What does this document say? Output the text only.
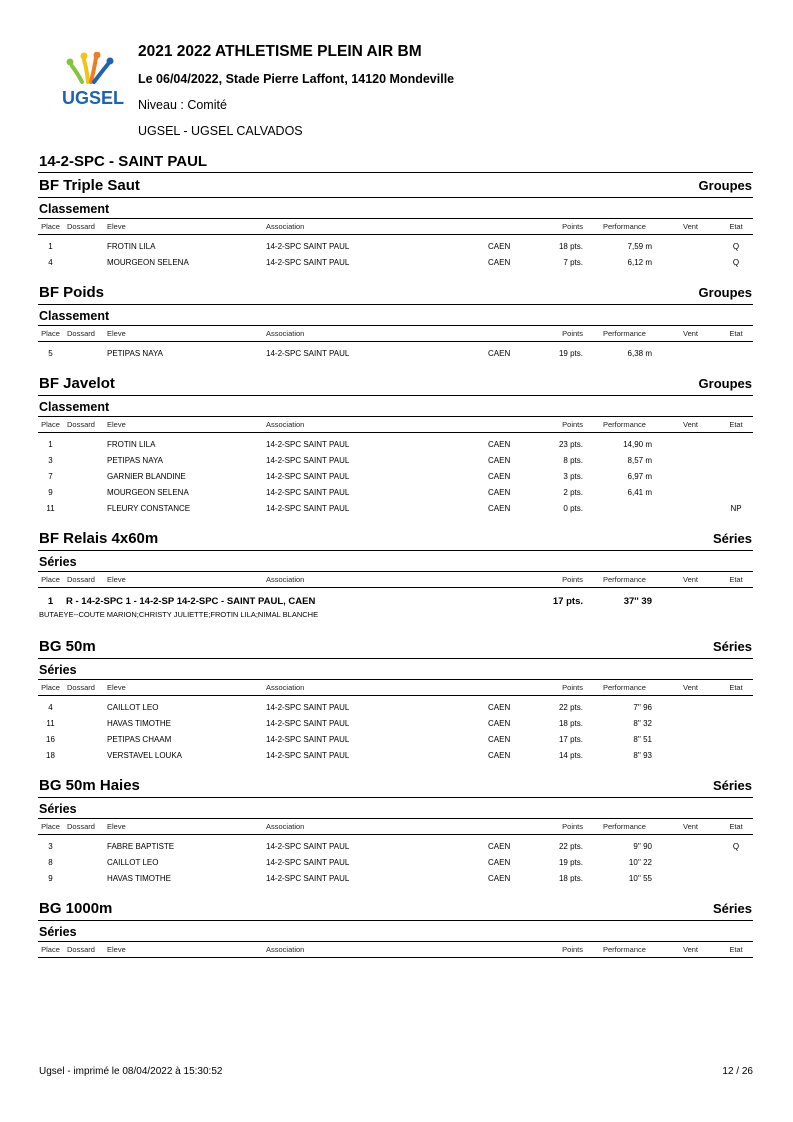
UGSEL
2021 2022 ATHLETISME PLEIN AIR BM
Le 06/04/2022, Stade Pierre Laffont, 14120 Mondeville
Niveau : Comité
UGSEL - UGSEL CALVADOS
14-2-SPC - SAINT PAUL
BF Triple Saut	Groupes
Classement
Place Dossard Eleve	Association	Points	Performance	Vent	Etat
1	FROTIN LILA	14-2-SPC SAINT PAUL	CAEN	18 pts.	7,59 m	Q
4	MOURGEON SELENA	14-2-SPC SAINT PAUL	CAEN	7 pts.	6,12 m	Q
BF Poids	Groupes
Classement
Place Dossard Eleve	Association	Points	Performance	Vent	Etat
5	PETIPAS NAYA	14-2-SPC SAINT PAUL	CAEN	19 pts.	6,38 m
BF Javelot	Groupes
Classement
Place Dossard Eleve	Association	Points	Performance	Vent	Etat
1	FROTIN LILA	14-2-SPC SAINT PAUL	CAEN	23 pts.	14,90 m
3	PETIPAS NAYA	14-2-SPC SAINT PAUL	CAEN	8 pts.	8,57 m
7	GARNIER BLANDINE	14-2-SPC SAINT PAUL	CAEN	3 pts.	6,97 m
9	MOURGEON SELENA	14-2-SPC SAINT PAUL	CAEN	2 pts.	6,41 m
11	FLEURY CONSTANCE	14-2-SPC SAINT PAUL	CAEN	0 pts.	NP
BF Relais 4x60m	Séries
Séries
Place Dossard Eleve	Association	Points	Performance	Vent	Etat
1	R - 14-2-SPC 1 - 14-2-SP 14-2-SPC - SAINT PAUL, CAEN	17 pts.	37'' 39
BUTAEYE--COUTE MARION;CHRISTY JULIETTE;FROTIN LILA;NIMAL BLANCHE
BG 50m	Séries
Séries
Place Dossard Eleve	Association	Points	Performance	Vent	Etat
4	CAILLOT LEO	14-2-SPC SAINT PAUL	CAEN	22 pts.	7'' 96
11	HAVAS TIMOTHE	14-2-SPC SAINT PAUL	CAEN	18 pts.	8'' 32
16	PETIPAS CHAAM	14-2-SPC SAINT PAUL	CAEN	17 pts.	8'' 51
18	VERSTAVEL LOUKA	14-2-SPC SAINT PAUL	CAEN	14 pts.	8'' 93
BG 50m Haies	Séries
Séries
Place Dossard Eleve	Association	Points	Performance	Vent	Etat
3	FABRE BAPTISTE	14-2-SPC SAINT PAUL	CAEN	22 pts.	9'' 90	Q
8	CAILLOT LEO	14-2-SPC SAINT PAUL	CAEN	19 pts.	10'' 22
9	HAVAS TIMOTHE	14-2-SPC SAINT PAUL	CAEN	18 pts.	10'' 55
BG 1000m	Séries
Séries
Place Dossard Eleve	Association	Points	Performance	Vent	Etat
Ugsel - imprimé le 08/04/2022 à 15:30:52	12 / 26
